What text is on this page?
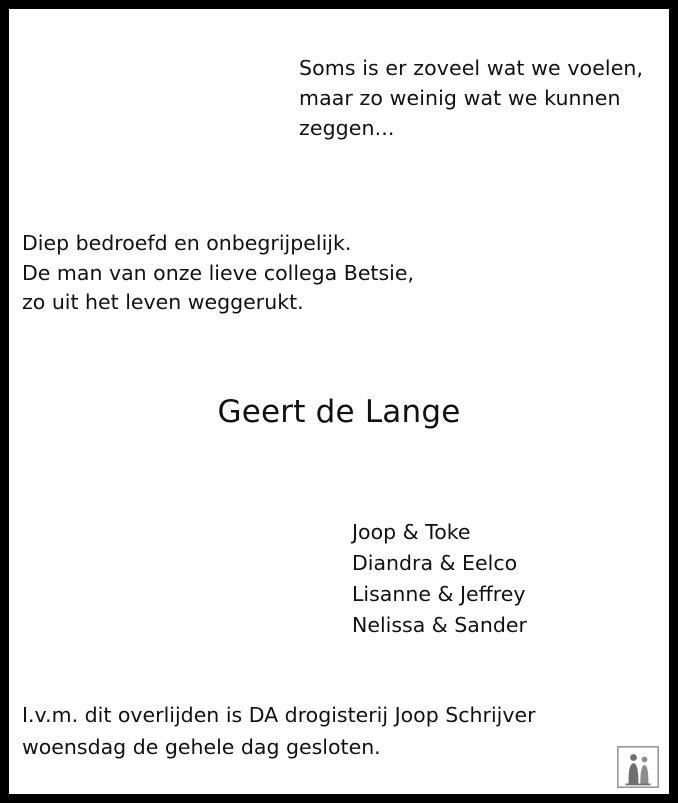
Soms is er zoveel wat we voelen,
maar zo weinig wat we kunnen
zeggen...
Diep bedroefd en onbegrijpelijk.
De man van onze lieve collega Betsie,
zo uit het leven weggerukt.
Geert de Lange
Joop & Toke
Diandra & Eelco
Lisanne & Jeffrey
Nelissa & Sander
I.v.m. dit overlijden is DA drogisterij Joop Schrijver
woensdag de gehele dag gesloten.
